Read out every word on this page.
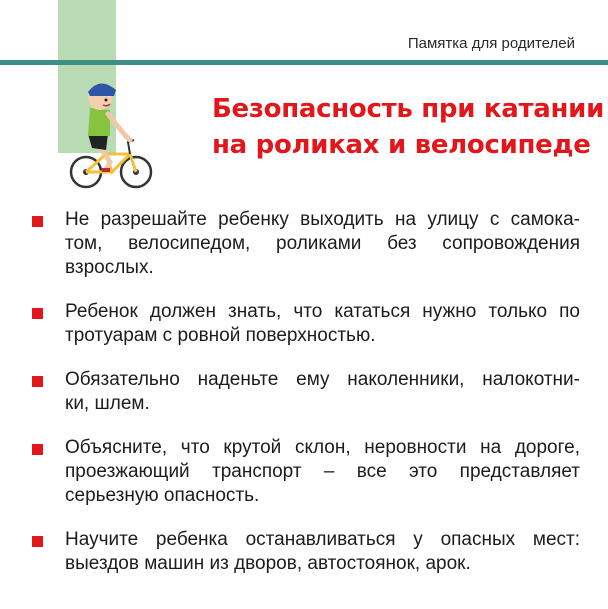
Памятка для родителей
Безопасность при катании
на роликах и велосипеде
Не разрешайте ребенку выходить на улицу с самока-
том, велосипедом, роликами без сопровождения
взрослых.
Ребенок должен знать, что кататься нужно только по
тротуарам с ровной поверхностью.
Обязательно наденьте ему наколенники, налокотни-
ки, шлем.
Объясните, что крутой склон, неровности на дороге,
проезжающий транспорт – все это представляет
серьезную опасность.
Научите ребенка останавливаться у опасных мест:
выездов машин из дворов, автостоянок, арок.
